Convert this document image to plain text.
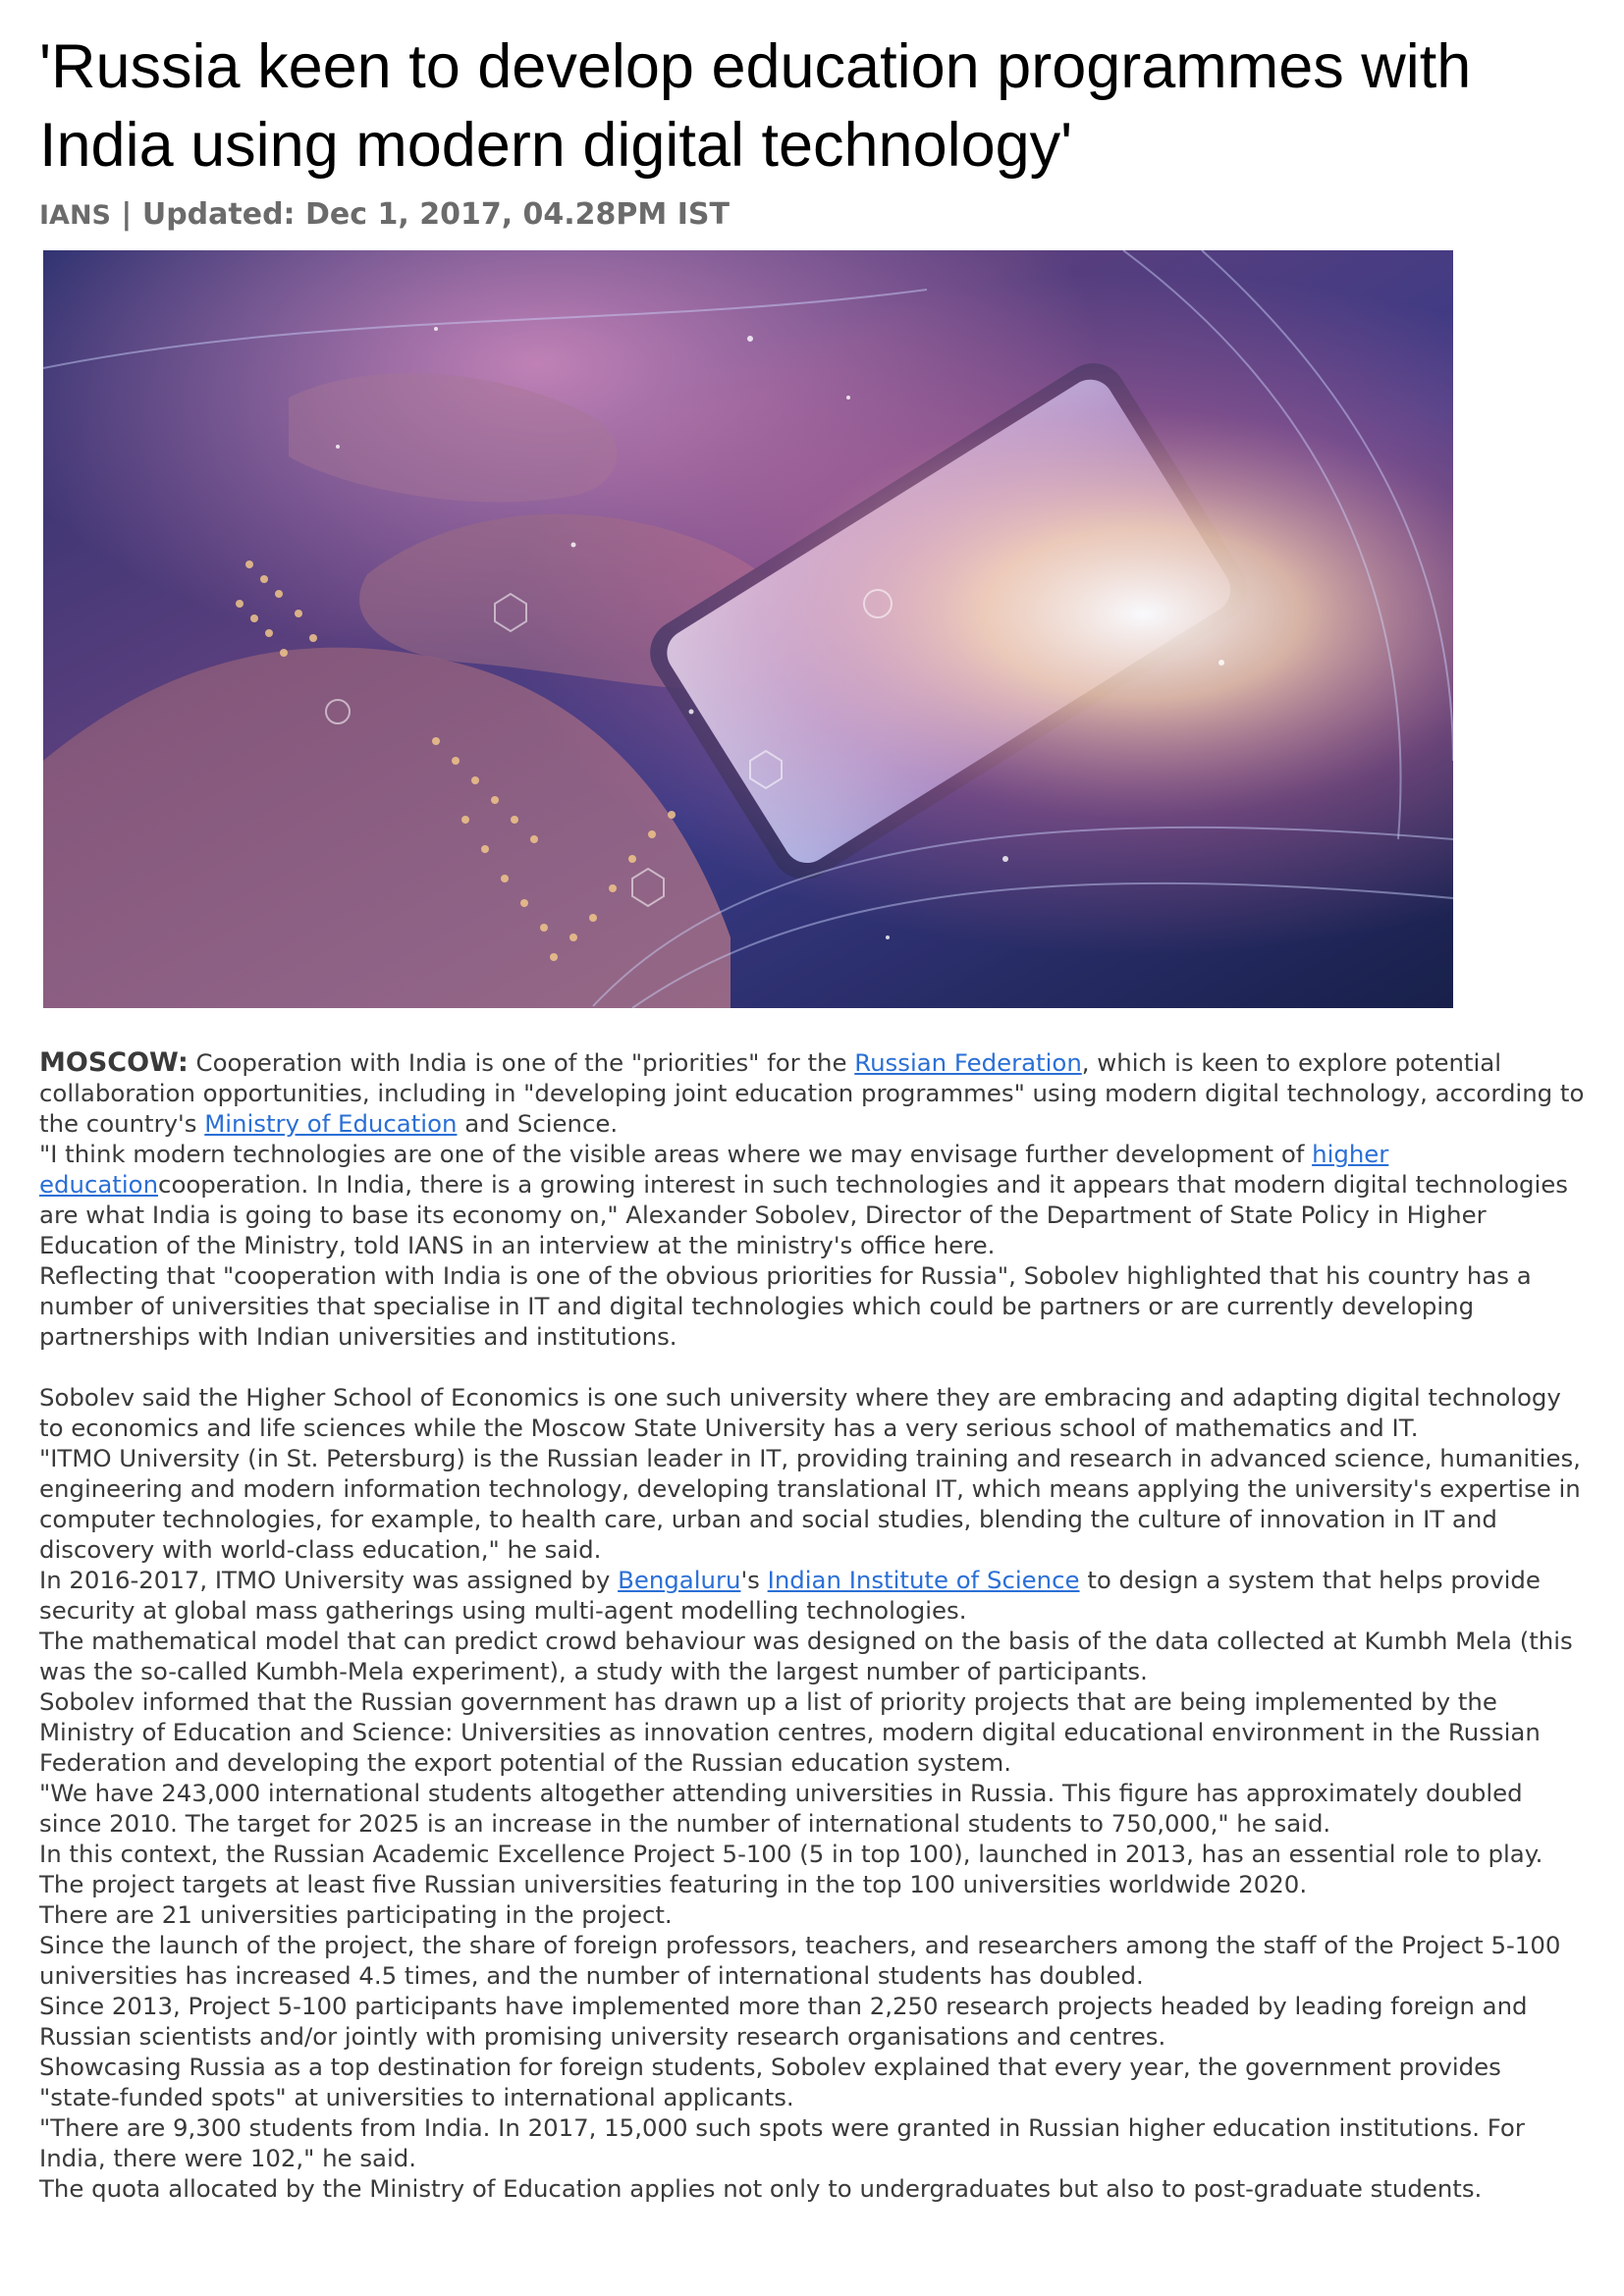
'Russia keen to develop education programmes with India using modern digital technology'
IANS | Updated: Dec 1, 2017, 04.28PM IST

MOSCOW: Cooperation with India is one of the "priorities" for the Russian Federation, which is keen to explore potential collaboration opportunities, including in "developing joint education programmes" using modern digital technology, according to the country's Ministry of Education and Science.

"I think modern technologies are one of the visible areas where we may envisage further development of higher educationcooperation. In India, there is a growing interest in such technologies and it appears that modern digital technologies are what India is going to base its economy on," Alexander Sobolev, Director of the Department of State Policy in Higher Education of the Ministry, told IANS in an interview at the ministry's office here.

Reflecting that "cooperation with India is one of the obvious priorities for Russia", Sobolev highlighted that his country has a number of universities that specialise in IT and digital technologies which could be partners or are currently developing partnerships with Indian universities and institutions.

Sobolev said the Higher School of Economics is one such university where they are embracing and adapting digital technology to economics and life sciences while the Moscow State University has a very serious school of mathematics and IT.

"ITMO University (in St. Petersburg) is the Russian leader in IT, providing training and research in advanced science, humanities, engineering and modern information technology, developing translational IT, which means applying the university's expertise in computer technologies, for example, to health care, urban and social studies, blending the culture of innovation in IT and discovery with world-class education," he said.

In 2016-2017, ITMO University was assigned by Bengaluru's Indian Institute of Science to design a system that helps provide security at global mass gatherings using multi-agent modelling technologies.

The mathematical model that can predict crowd behaviour was designed on the basis of the data collected at Kumbh Mela (this was the so-called Kumbh-Mela experiment), a study with the largest number of participants.

Sobolev informed that the Russian government has drawn up a list of priority projects that are being implemented by the Ministry of Education and Science: Universities as innovation centres, modern digital educational environment in the Russian Federation and developing the export potential of the Russian education system.

"We have 243,000 international students altogether attending universities in Russia. This figure has approximately doubled since 2010. The target for 2025 is an increase in the number of international students to 750,000," he said.

In this context, the Russian Academic Excellence Project 5-100 (5 in top 100), launched in 2013, has an essential role to play.

The project targets at least five Russian universities featuring in the top 100 universities worldwide 2020.

There are 21 universities participating in the project.

Since the launch of the project, the share of foreign professors, teachers, and researchers among the staff of the Project 5-100 universities has increased 4.5 times, and the number of international students has doubled.

Since 2013, Project 5-100 participants have implemented more than 2,250 research projects headed by leading foreign and Russian scientists and/or jointly with promising university research organisations and centres.

Showcasing Russia as a top destination for foreign students, Sobolev explained that every year, the government provides "state-funded spots" at universities to international applicants.

"There are 9,300 students from India. In 2017, 15,000 such spots were granted in Russian higher education institutions. For India, there were 102," he said.

The quota allocated by the Ministry of Education applies not only to undergraduates but also to post-graduate students.
